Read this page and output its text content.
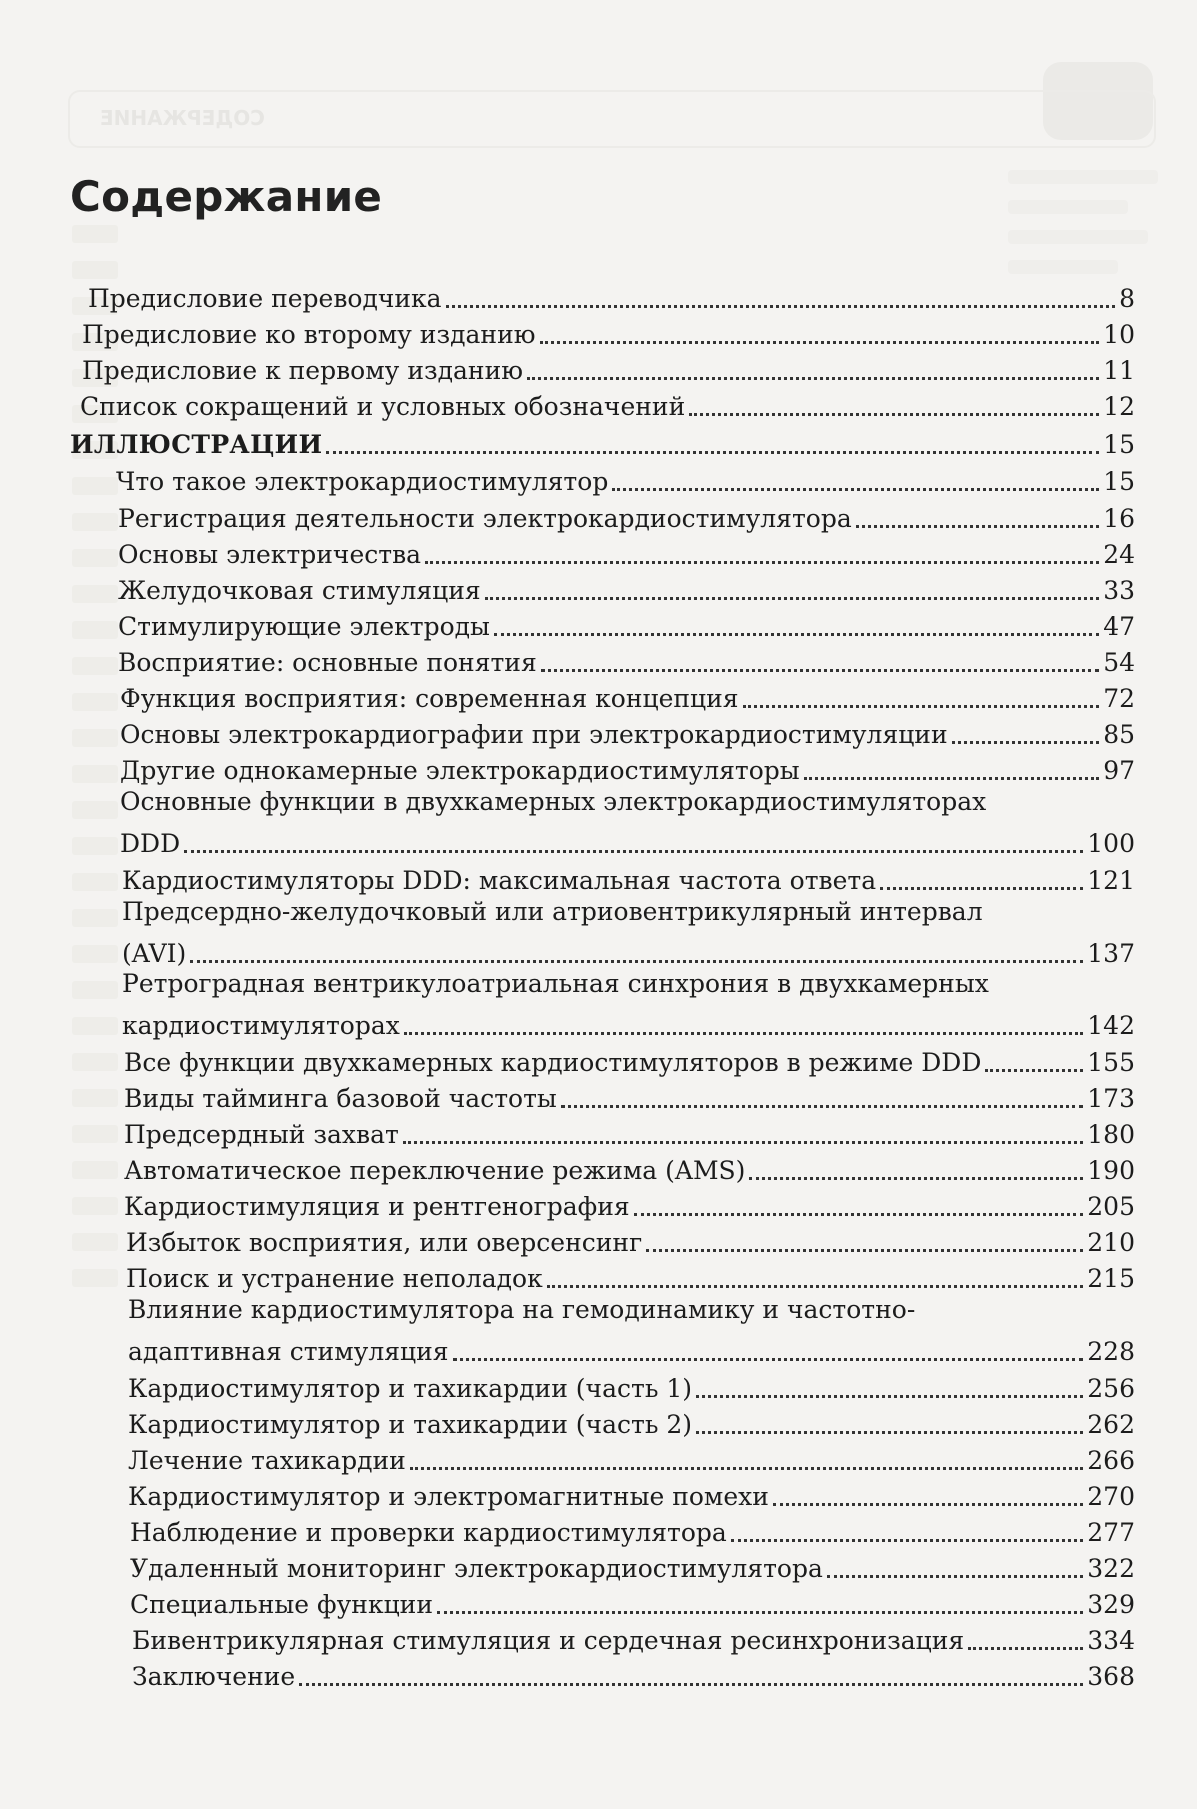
СОДЕРЖАНИЕ
Содержание
Предисловие переводчика	8
Предисловие ко второму изданию	10
Предисловие к первому изданию	11
Список сокращений и условных обозначений	12
ИЛЛЮСТРАЦИИ	15
Что такое электрокардиостимулятор	15
Регистрация деятельности электрокардиостимулятора	16
Основы электричества	24
Желудочковая стимуляция	33
Стимулирующие электроды	47
Восприятие: основные понятия	54
Функция восприятия: современная концепция	72
Основы электрокардиографии при электрокардиостимуляции	85
Другие однокамерные электрокардиостимуляторы	97
Основные функции в двухкамерных электрокардиостимуляторах
DDD	100
Кардиостимуляторы DDD: максимальная частота ответа	121
Предсердно-желудочковый или атриовентрикулярный интервал
(AVI)	137
Ретроградная вентрикулоатриальная синхрония в двухкамерных
кардиостимуляторах	142
Все функции двухкамерных кардиостимуляторов в режиме DDD	155
Виды тайминга базовой частоты	173
Предсердный захват	180
Автоматическое переключение режима (AMS)	190
Кардиостимуляция и рентгенография	205
Избыток восприятия, или оверсенсинг	210
Поиск и устранение неполадок	215
Влияние кардиостимулятора на гемодинамику и частотно-
адаптивная стимуляция	228
Кардиостимулятор и тахикардии (часть 1)	256
Кардиостимулятор и тахикардии (часть 2)	262
Лечение тахикардии	266
Кардиостимулятор и электромагнитные помехи	270
Наблюдение и проверки кардиостимулятора	277
Удаленный мониторинг электрокардиостимулятора	322
Специальные функции	329
Бивентрикулярная стимуляция и сердечная ресинхронизация	334
Заключение	368
